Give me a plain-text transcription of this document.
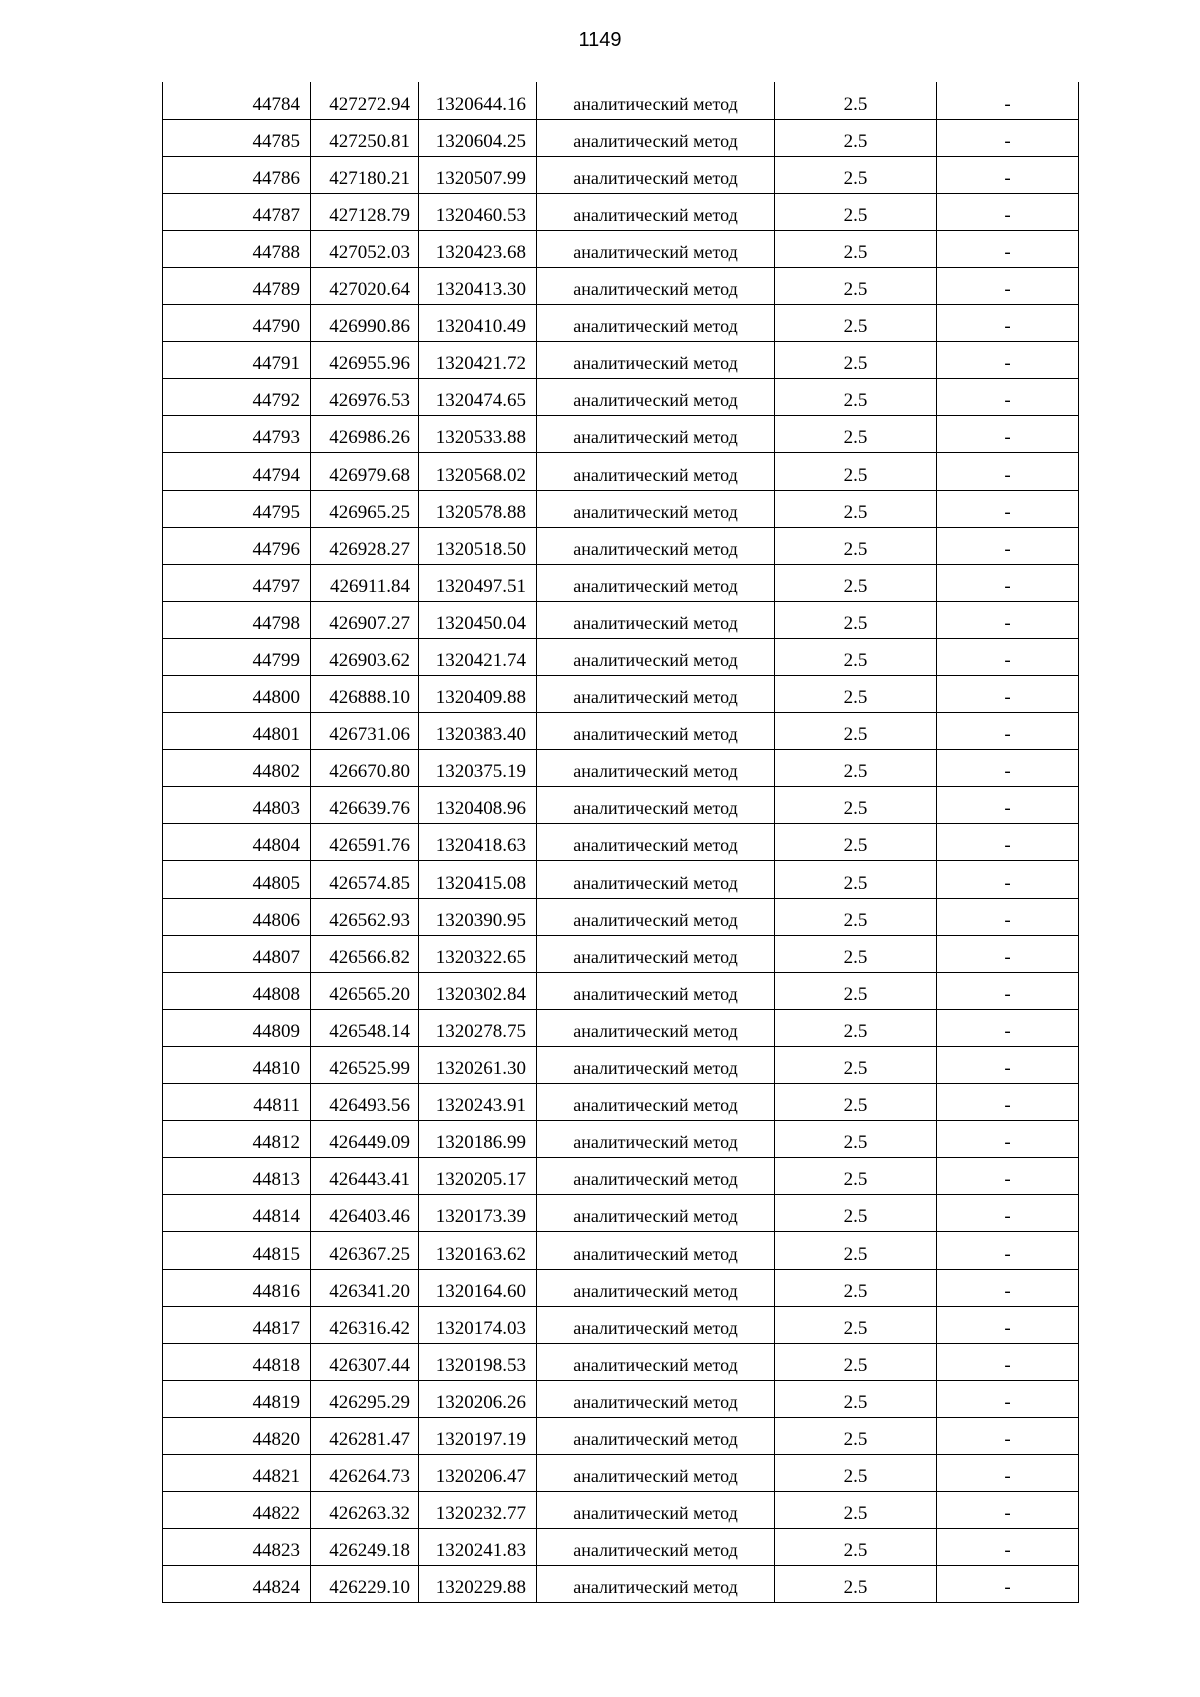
1149
44784	427272.94	1320644.16	аналитический метод	2.5	-
44785	427250.81	1320604.25	аналитический метод	2.5	-
44786	427180.21	1320507.99	аналитический метод	2.5	-
44787	427128.79	1320460.53	аналитический метод	2.5	-
44788	427052.03	1320423.68	аналитический метод	2.5	-
44789	427020.64	1320413.30	аналитический метод	2.5	-
44790	426990.86	1320410.49	аналитический метод	2.5	-
44791	426955.96	1320421.72	аналитический метод	2.5	-
44792	426976.53	1320474.65	аналитический метод	2.5	-
44793	426986.26	1320533.88	аналитический метод	2.5	-
44794	426979.68	1320568.02	аналитический метод	2.5	-
44795	426965.25	1320578.88	аналитический метод	2.5	-
44796	426928.27	1320518.50	аналитический метод	2.5	-
44797	426911.84	1320497.51	аналитический метод	2.5	-
44798	426907.27	1320450.04	аналитический метод	2.5	-
44799	426903.62	1320421.74	аналитический метод	2.5	-
44800	426888.10	1320409.88	аналитический метод	2.5	-
44801	426731.06	1320383.40	аналитический метод	2.5	-
44802	426670.80	1320375.19	аналитический метод	2.5	-
44803	426639.76	1320408.96	аналитический метод	2.5	-
44804	426591.76	1320418.63	аналитический метод	2.5	-
44805	426574.85	1320415.08	аналитический метод	2.5	-
44806	426562.93	1320390.95	аналитический метод	2.5	-
44807	426566.82	1320322.65	аналитический метод	2.5	-
44808	426565.20	1320302.84	аналитический метод	2.5	-
44809	426548.14	1320278.75	аналитический метод	2.5	-
44810	426525.99	1320261.30	аналитический метод	2.5	-
44811	426493.56	1320243.91	аналитический метод	2.5	-
44812	426449.09	1320186.99	аналитический метод	2.5	-
44813	426443.41	1320205.17	аналитический метод	2.5	-
44814	426403.46	1320173.39	аналитический метод	2.5	-
44815	426367.25	1320163.62	аналитический метод	2.5	-
44816	426341.20	1320164.60	аналитический метод	2.5	-
44817	426316.42	1320174.03	аналитический метод	2.5	-
44818	426307.44	1320198.53	аналитический метод	2.5	-
44819	426295.29	1320206.26	аналитический метод	2.5	-
44820	426281.47	1320197.19	аналитический метод	2.5	-
44821	426264.73	1320206.47	аналитический метод	2.5	-
44822	426263.32	1320232.77	аналитический метод	2.5	-
44823	426249.18	1320241.83	аналитический метод	2.5	-
44824	426229.10	1320229.88	аналитический метод	2.5	-
